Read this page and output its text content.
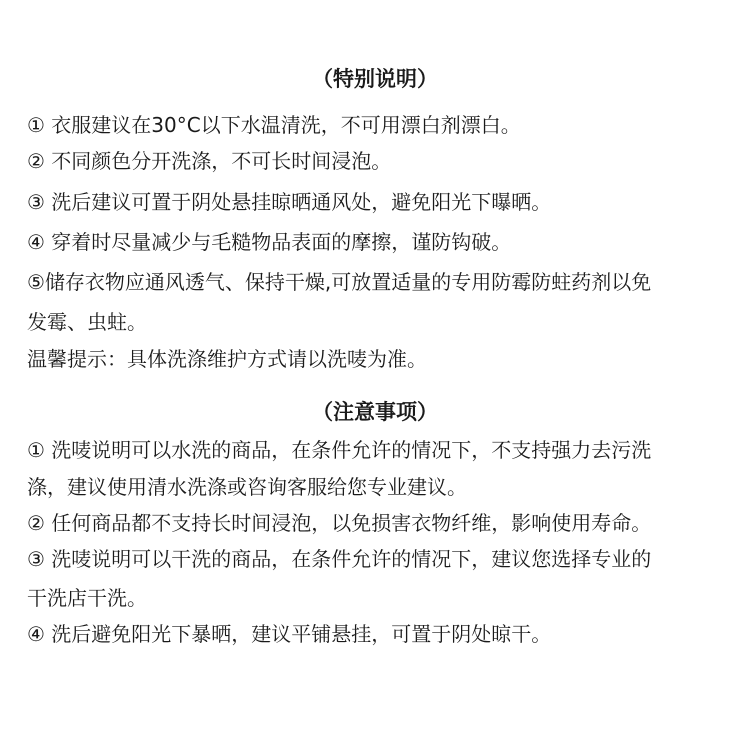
（特别说明）

① 衣服建议在30°C以下水温清洗，不可用漂白剂漂白。

② 不同颜色分开洗涤，不可长时间浸泡。

③ 洗后建议可置于阴处悬挂晾晒通风处，避免阳光下曝晒。

④ 穿着时尽量减少与毛糙物品表面的摩擦，谨防钩破。

⑤储存衣物应通风透气、保持干燥,可放置适量的专用防霉防蛀药剂以免

发霉、虫蛀。

温馨提示：具体洗涤维护方式请以洗唛为准。

（注意事项）

① 洗唛说明可以水洗的商品，在条件允许的情况下，不支持强力去污洗

涤，建议使用清水洗涤或咨询客服给您专业建议。

② 任何商品都不支持长时间浸泡，以免损害衣物纤维，影响使用寿命。

③ 洗唛说明可以干洗的商品，在条件允许的情况下，建议您选择专业的

干洗店干洗。

④ 洗后避免阳光下暴晒，建议平铺悬挂，可置于阴处晾干。
